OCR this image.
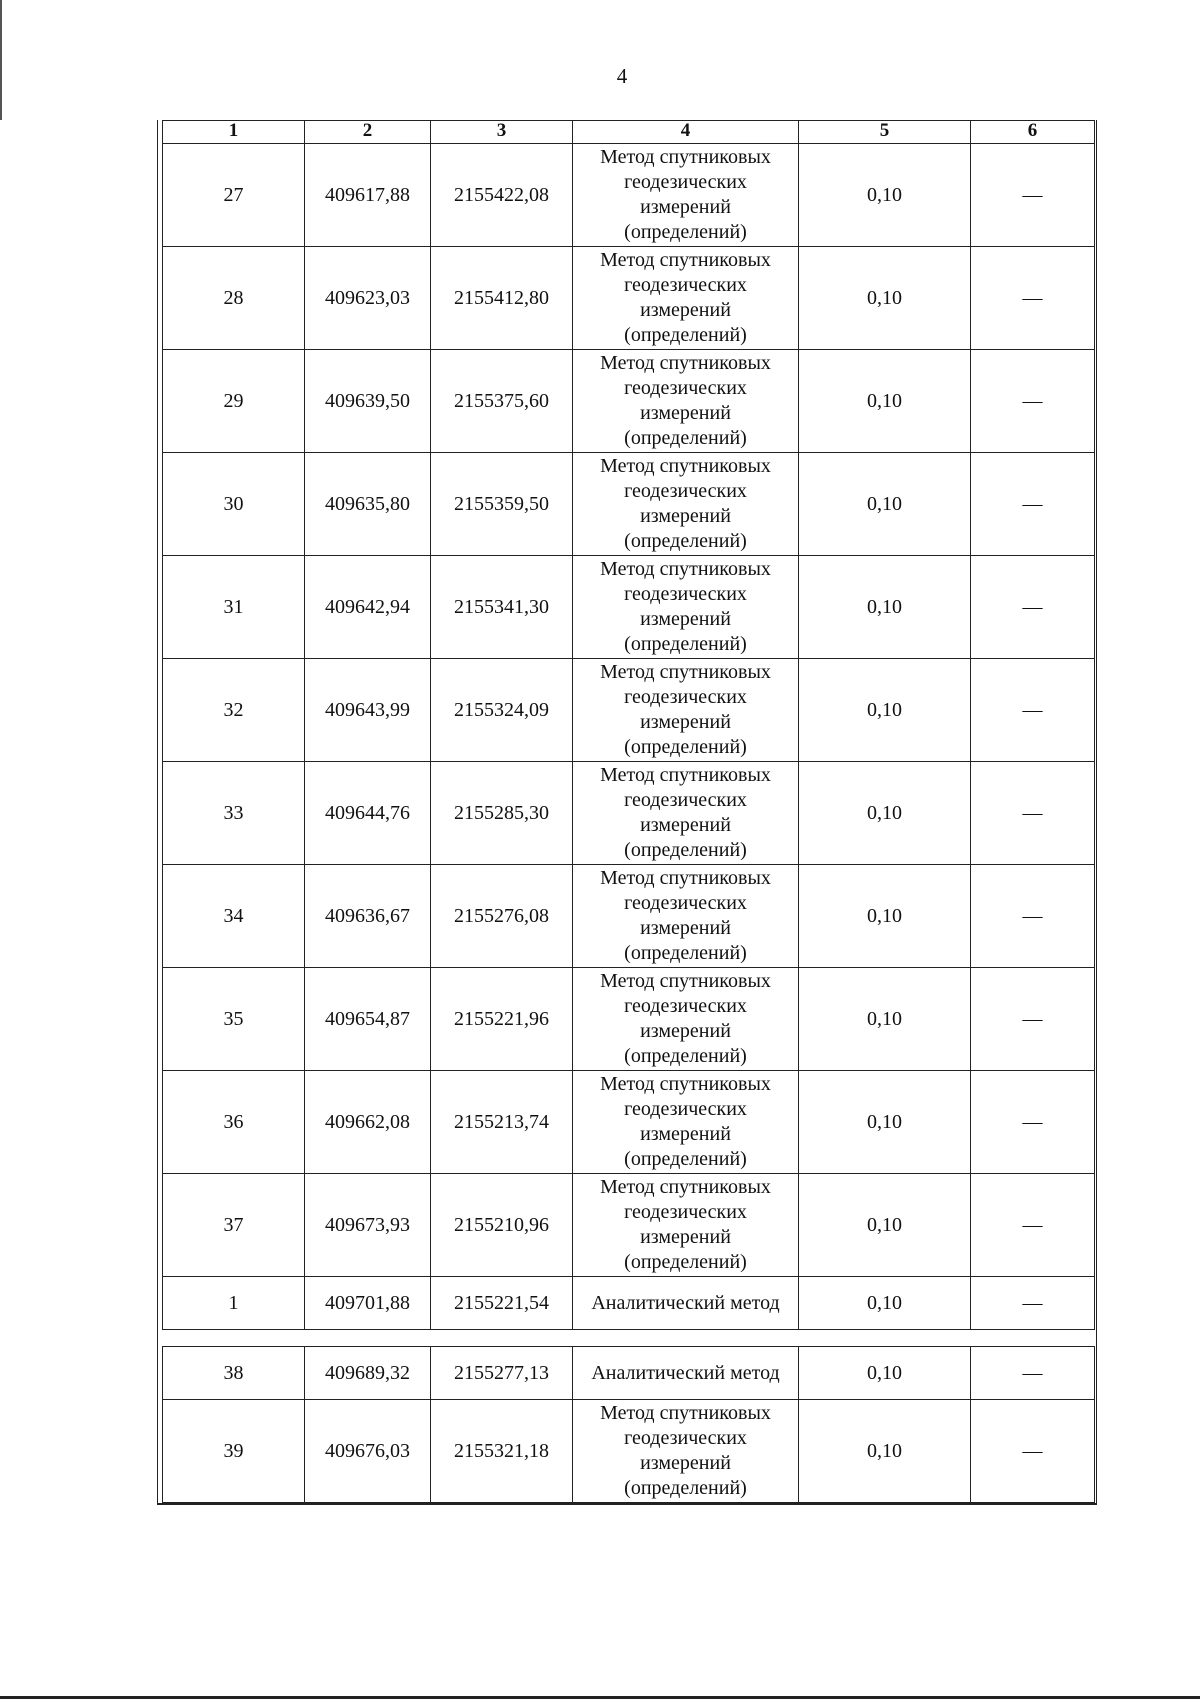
4
1	2	3	4	5	6
27	409617,88	2155422,08	Метод спутниковых геодезических измерений (определений)	0,10	—
28	409623,03	2155412,80	Метод спутниковых геодезических измерений (определений)	0,10	—
29	409639,50	2155375,60	Метод спутниковых геодезических измерений (определений)	0,10	—
30	409635,80	2155359,50	Метод спутниковых геодезических измерений (определений)	0,10	—
31	409642,94	2155341,30	Метод спутниковых геодезических измерений (определений)	0,10	—
32	409643,99	2155324,09	Метод спутниковых геодезических измерений (определений)	0,10	—
33	409644,76	2155285,30	Метод спутниковых геодезических измерений (определений)	0,10	—
34	409636,67	2155276,08	Метод спутниковых геодезических измерений (определений)	0,10	—
35	409654,87	2155221,96	Метод спутниковых геодезических измерений (определений)	0,10	—
36	409662,08	2155213,74	Метод спутниковых геодезических измерений (определений)	0,10	—
37	409673,93	2155210,96	Метод спутниковых геодезических измерений (определений)	0,10	—
1	409701,88	2155221,54	Аналитический метод	0,10	—

38	409689,32	2155277,13	Аналитический метод	0,10	—
39	409676,03	2155321,18	Метод спутниковых геодезических измерений (определений)	0,10	—
